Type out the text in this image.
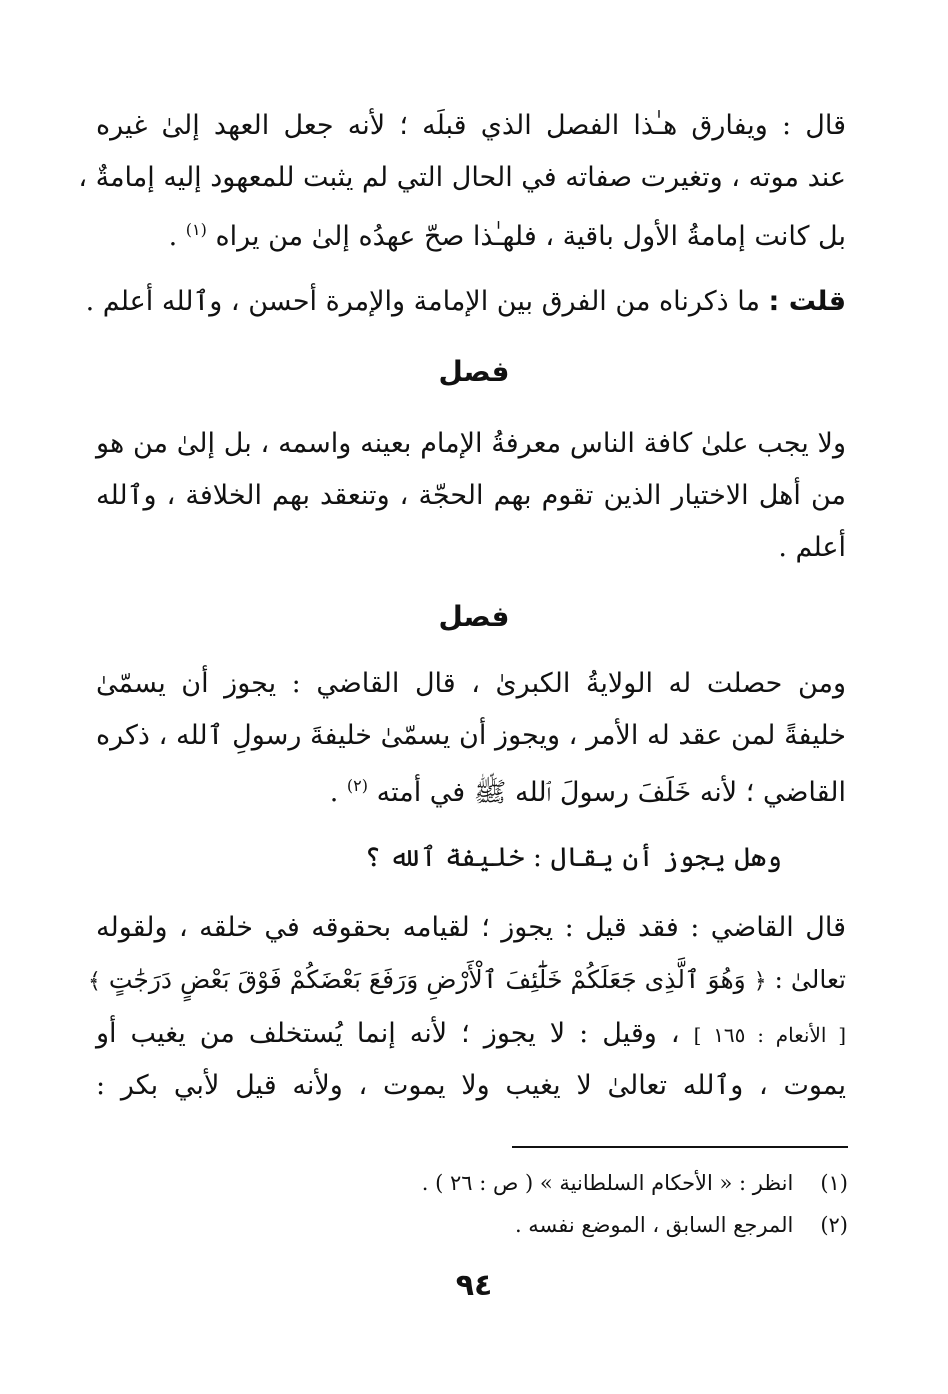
قال : ويفارق هـٰذا الفصل الذي قبلَه ؛ لأنه جعل العهد إلىٰ غيره
عند موته ، وتغيرت صفاته في الحال التي لم يثبت للمعهود إليه إمامةٌ ،
بل كانت إمامةُ الأول باقية ، فلهـٰذا صحّ عهدُه إلىٰ من يراه $^{(١)}$ .
قلت : ما ذكرناه من الفرق بين الإمامة والإمرة أحسن ، وٱلله أعلم .
فصل
ولا يجب علىٰ كافة الناس معرفةُ الإمام بعينه واسمه ، بل إلىٰ من هو
من أهل الاختيار الذين تقوم بهم الحجّة ، وتنعقد بهم الخلافة ، وٱلله
أعلم .
فصل
ومن حصلت له الولايةُ الكبرىٰ ، قال القاضي : يجوز أن يسمّىٰ
خليفةً لمن عقد له الأمر ، ويجوز أن يسمّىٰ خليفةَ رسولِ ٱلله ، ذكره
القاضي ؛ لأنه خَلَفَ رسولَ ٱلله ﷺ في أمته $^{(٢)}$ .
وهل يجوز أن يقال : خليفة ٱلله ؟
قال القاضي : فقد قيل : يجوز ؛ لقيامه بحقوقه في خلقه ، ولقوله
تعالىٰ : ﴿ وَهُوَ ٱلَّذِى جَعَلَكُمْ خَلَٰٓئِفَ ٱلْأَرْضِ وَرَفَعَ بَعْضَكُمْ فَوْقَ بَعْضٍ دَرَجَٰتٍ ﴾
[ الأنعام : ١٦٥ ] ، وقيل : لا يجوز ؛ لأنه إنما يُستخلف من يغيب أو
يموت ، وٱلله تعالىٰ لا يغيب ولا يموت ، ولأنه قيل لأبي بكر :
(١) انظر : « الأحكام السلطانية » ( ص : ٢٦ ) .
(٢) المرجع السابق ، الموضع نفسه .
٩٤
